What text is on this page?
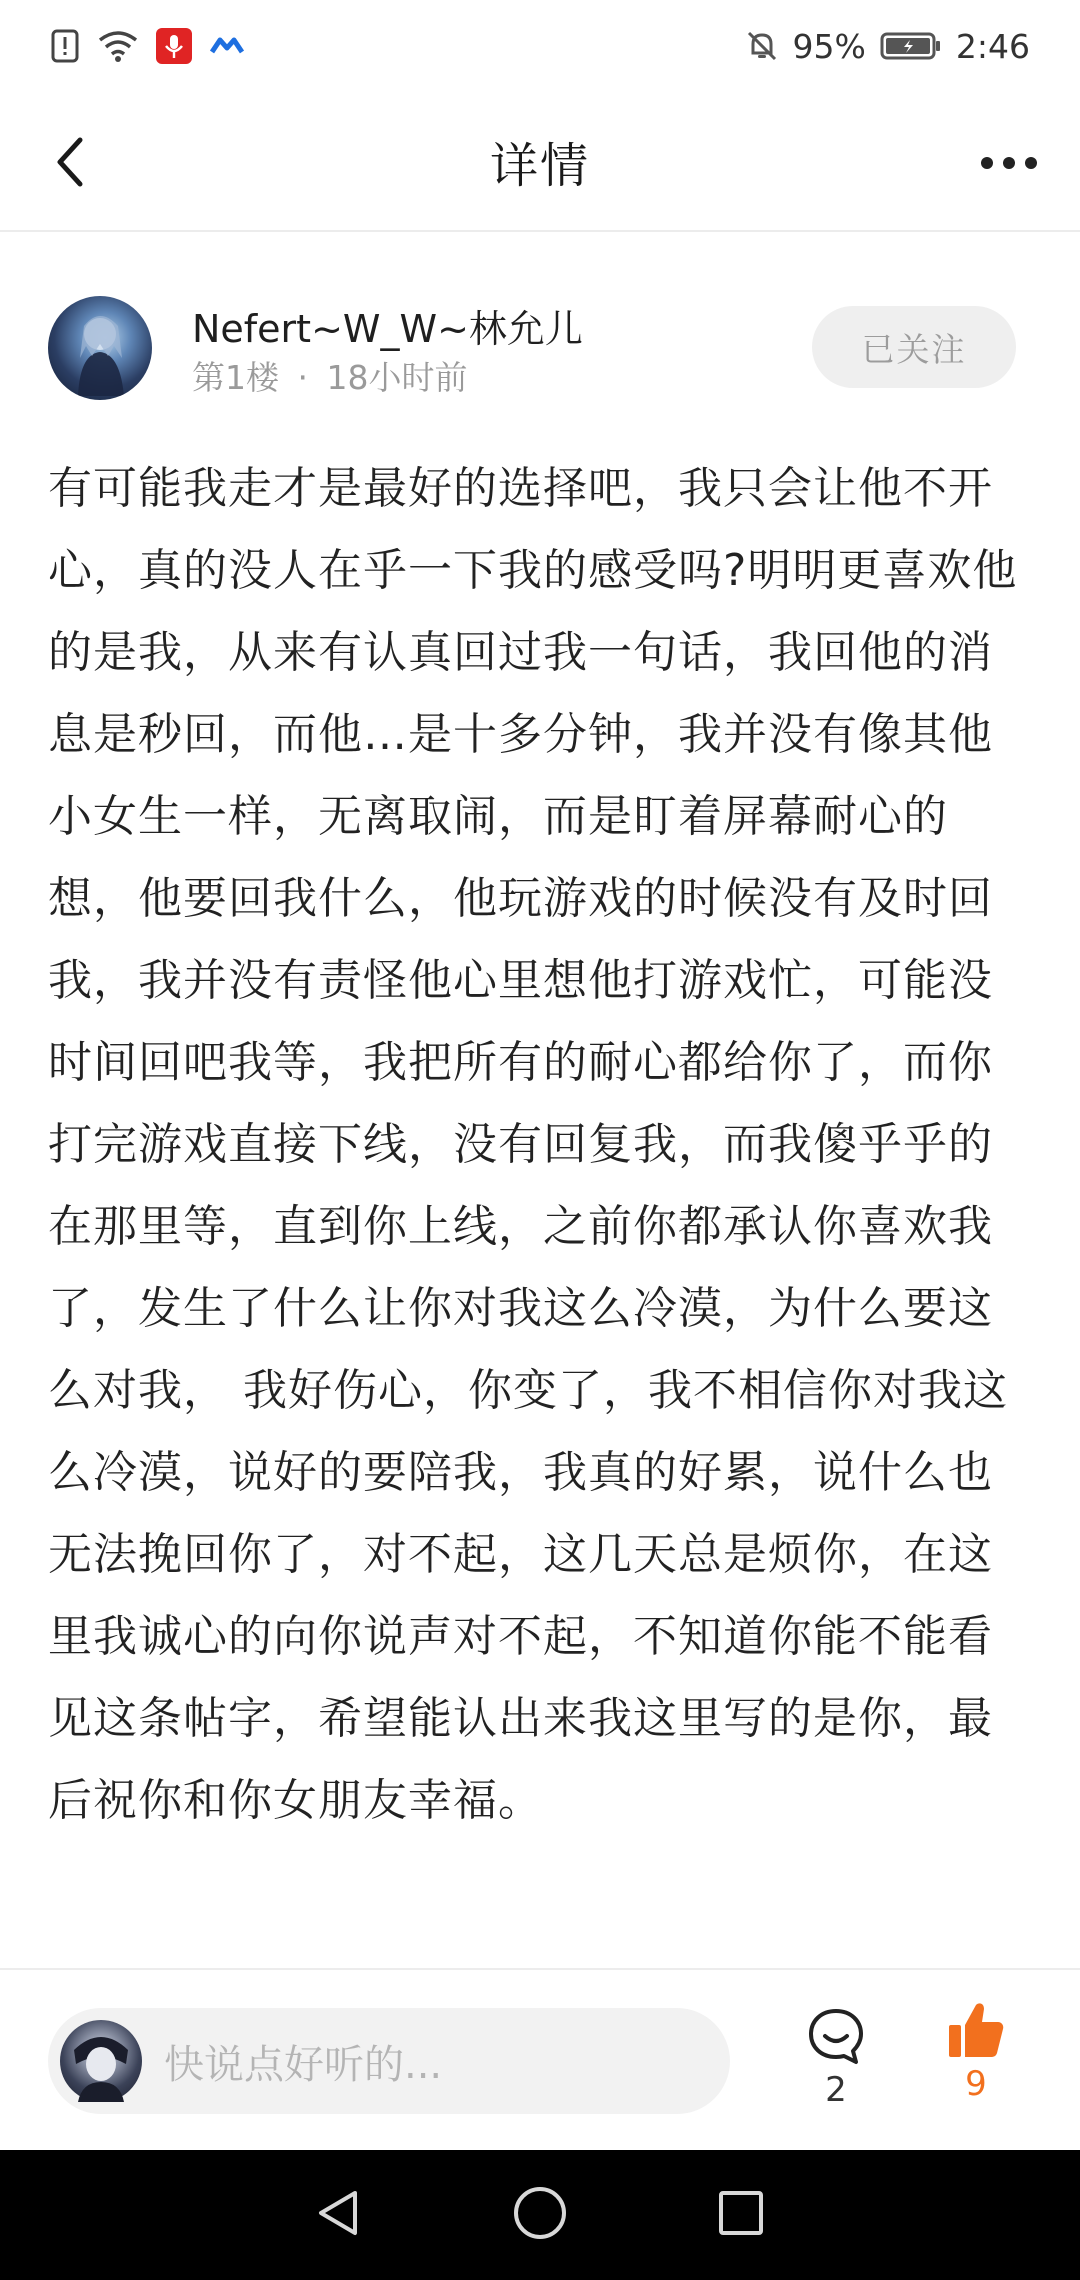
95%	2:46
详情
Nefert~W_W~林允儿
第1楼 · 18小时前
已关注
有可能我走才是最好的选择吧，我只会让他不开心，真的没人在乎一下我的感受吗?明明更喜欢他的是我，从来有认真回过我一句话，我回他的消息是秒回，而他…是十多分钟，我并没有像其他小女生一样，无离取闹，而是盯着屏幕耐心的想，他要回我什么，他玩游戏的时候没有及时回我，我并没有责怪他心里想他打游戏忙，可能没时间回吧我等，我把所有的耐心都给你了，而你打完游戏直接下线，没有回复我，而我傻乎乎的在那里等，直到你上线，之前你都承认你喜欢我了，发生了什么让你对我这么冷漠，为什么要这么对我， 我好伤心，你变了，我不相信你对我这么冷漠，说好的要陪我，我真的好累，说什么也无法挽回你了，对不起，这几天总是烦你，在这里我诚心的向你说声对不起，不知道你能不能看见这条帖字，希望能认出来我这里写的是你，最后祝你和你女朋友幸福。
快说点好听的...
2	9
